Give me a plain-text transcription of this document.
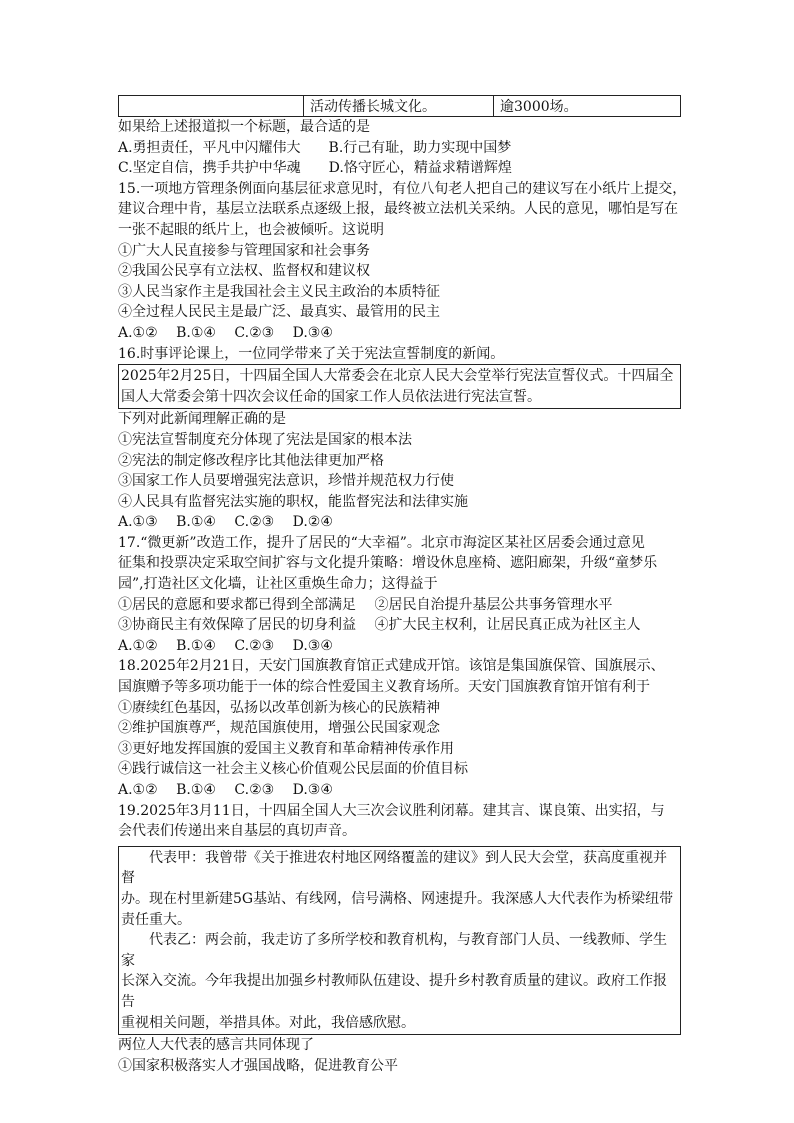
	活动传播长城文化。	逾3000场。
如果给上述报道拟一个标题，最合适的是
A.勇担责任，平凡中闪耀伟大　　B.行己有耻，助力实现中国梦
C.坚定自信，携手共护中华魂　　D.恪守匠心，精益求精谱辉煌
15.一项地方管理条例面向基层征求意见时，有位八旬老人把自己的建议写在小纸片上提交，
建议合理中肯，基层立法联系点逐级上报，最终被立法机关采纳。人民的意见，哪怕是写在
一张不起眼的纸片上，也会被倾听。这说明
①广大人民直接参与管理国家和社会事务
②我国公民享有立法权、监督权和建议权
③人民当家作主是我国社会主义民主政治的本质特征
④全过程人民民主是最广泛、最真实、最管用的民主
A.①②　 B.①④　 C.②③　 D.③④
16.时事评论课上，一位同学带来了关于宪法宣誓制度的新闻。
2025年2月25日，十四届全国人大常委会在北京人民大会堂举行宪法宣誓仪式。十四届全
国人大常委会第十四次会议任命的国家工作人员依法进行宪法宣誓。
下列对此新闻理解正确的是
①宪法宣誓制度充分体现了宪法是国家的根本法
②宪法的制定修改程序比其他法律更加严格
③国家工作人员要增强宪法意识，珍惜并规范权力行使
④人民具有监督宪法实施的职权，能监督宪法和法律实施
A.①③　 B.①④　 C.②③　 D.②④
17.“微更新”改造工作，提升了居民的“大幸福”。北京市海淀区某社区居委会通过意见
征集和投票决定采取空间扩容与文化提升策略：增设休息座椅、遮阳廊架，升级“童梦乐
园”,打造社区文化墙，让社区重焕生命力；这得益于
①居民的意愿和要求都已得到全部满足　 ②居民自治提升基层公共事务管理水平
③协商民主有效保障了居民的切身利益　 ④扩大民主权利，让居民真正成为社区主人
A.①②　 B.①④　 C.②③　 D.③④
18.2025年2月21日，天安门国旗教育馆正式建成开馆。该馆是集国旗保管、国旗展示、
国旗赠予等多项功能于一体的综合性爱国主义教育场所。天安门国旗教育馆开馆有利于
①赓续红色基因，弘扬以改革创新为核心的民族精神
②维护国旗尊严，规范国旗使用，增强公民国家观念
③更好地发挥国旗的爱国主义教育和革命精神传承作用
④践行诚信这一社会主义核心价值观公民层面的价值目标
A.①②　 B.①④　 C.②③　 D.③④
19.2025年3月11日，十四届全国人大三次会议胜利闭幕。建其言、谋良策、出实招，与
会代表们传递出来自基层的真切声音。
　　代表甲：我曾带《关于推进农村地区网络覆盖的建议》到人民大会堂，获高度重视并督
办。现在村里新建5G基站、有线网，信号满格、网速提升。我深感人大代表作为桥梁纽带
责任重大。
　　代表乙：两会前，我走访了多所学校和教育机构，与教育部门人员、一线教师、学生家
长深入交流。今年我提出加强乡村教师队伍建设、提升乡村教育质量的建议。政府工作报告
重视相关问题，举措具体。对此，我倍感欣慰。
两位人大代表的感言共同体现了
①国家积极落实人才强国战略，促进教育公平
